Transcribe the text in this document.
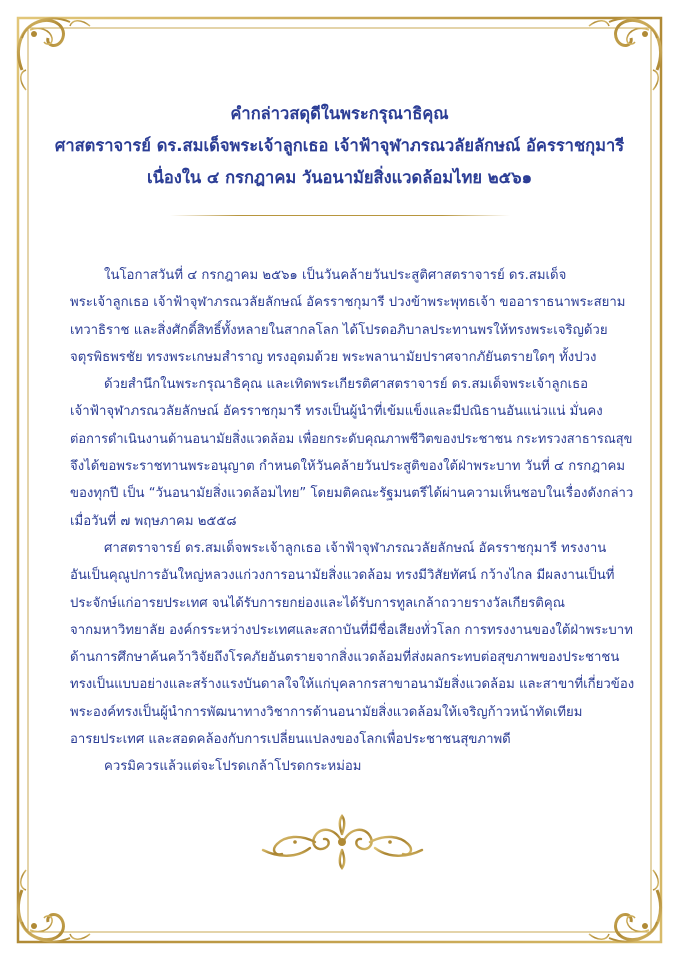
คำกล่าวสดุดีในพระกรุณาธิคุณ
ศาสตราจารย์ ดร.สมเด็จพระเจ้าลูกเธอ เจ้าฟ้าจุฬาภรณวลัยลักษณ์ อัครราชกุมารี
เนื่องใน ๔ กรกฎาคม วันอนามัยสิ่งแวดล้อมไทย ๒๕๖๑
ในโอกาสวันที่ ๔ กรกฎาคม ๒๕๖๑ เป็นวันคล้ายวันประสูติศาสตราจารย์ ดร.สมเด็จ
พระเจ้าลูกเธอ เจ้าฟ้าจุฬาภรณวลัยลักษณ์ อัครราชกุมารี ปวงข้าพระพุทธเจ้า ขออาราธนาพระสยาม
เทวาธิราช และสิ่งศักดิ์สิทธิ์ทั้งหลายในสากลโลก ได้โปรดอภิบาลประทานพรให้ทรงพระเจริญด้วย
จตุรพิธพรชัย ทรงพระเกษมสำราญ ทรงอุดมด้วย พระพลานามัยปราศจากภัยันตรายใดๆ ทั้งปวง
ด้วยสำนึกในพระกรุณาธิคุณ และเทิดพระเกียรติศาสตราจารย์ ดร.สมเด็จพระเจ้าลูกเธอ
เจ้าฟ้าจุฬาภรณวลัยลักษณ์ อัครราชกุมารี ทรงเป็นผู้นำที่เข้มแข็งและมีปณิธานอันแน่วแน่ มั่นคง
ต่อการดำเนินงานด้านอนามัยสิ่งแวดล้อม เพื่อยกระดับคุณภาพชีวิตของประชาชน กระทรวงสาธารณสุข
จึงได้ขอพระราชทานพระอนุญาต กำหนดให้วันคล้ายวันประสูติของใต้ฝ่าพระบาท วันที่ ๔ กรกฎาคม
ของทุกปี เป็น “วันอนามัยสิ่งแวดล้อมไทย” โดยมติคณะรัฐมนตรีได้ผ่านความเห็นชอบในเรื่องดังกล่าว
เมื่อวันที่ ๗ พฤษภาคม ๒๕๕๘
ศาสตราจารย์ ดร.สมเด็จพระเจ้าลูกเธอ เจ้าฟ้าจุฬาภรณวลัยลักษณ์ อัครราชกุมารี ทรงงาน
อันเป็นคุณูปการอันใหญ่หลวงแก่วงการอนามัยสิ่งแวดล้อม ทรงมีวิสัยทัศน์ กว้างไกล มีผลงานเป็นที่
ประจักษ์แก่อารยประเทศ จนได้รับการยกย่องและได้รับการทูลเกล้าถวายรางวัลเกียรติคุณ
จากมหาวิทยาลัย องค์กรระหว่างประเทศและสถาบันที่มีชื่อเสียงทั่วโลก การทรงงานของใต้ฝ่าพระบาท
ด้านการศึกษาค้นคว้าวิจัยถึงโรคภัยอันตรายจากสิ่งแวดล้อมที่ส่งผลกระทบต่อสุขภาพของประชาชน
ทรงเป็นแบบอย่างและสร้างแรงบันดาลใจให้แก่บุคลากรสาขาอนามัยสิ่งแวดล้อม และสาขาที่เกี่ยวข้อง
พระองค์ทรงเป็นผู้นำการพัฒนาทางวิชาการด้านอนามัยสิ่งแวดล้อมให้เจริญก้าวหน้าทัดเทียม
อารยประเทศ และสอดคล้องกับการเปลี่ยนแปลงของโลกเพื่อประชาชนสุขภาพดี
ควรมิควรแล้วแต่จะโปรดเกล้าโปรดกระหม่อม
